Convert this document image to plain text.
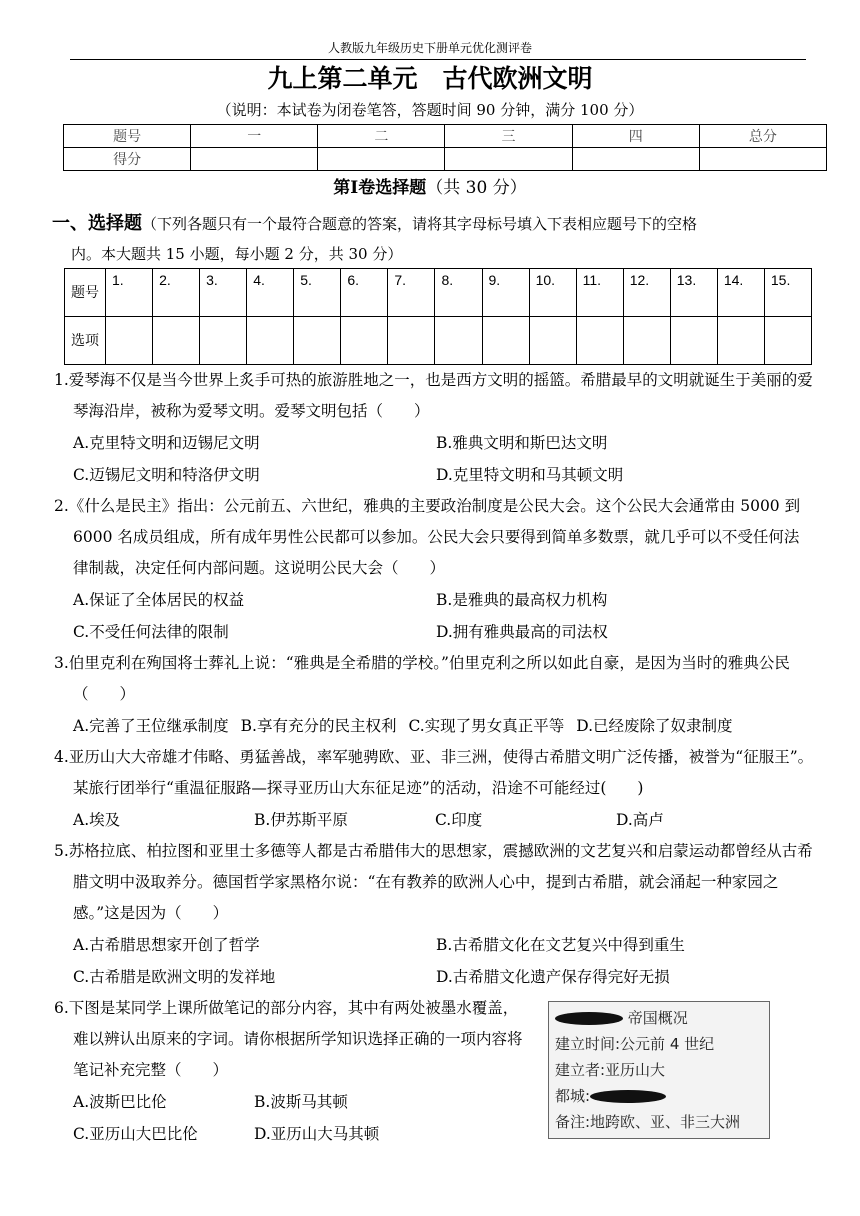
人教版九年级历史下册单元优化测评卷
九上第二单元　古代欧洲文明
（说明：本试卷为闭卷笔答，答题时间 90 分钟，满分 100 分）
题号	一	二	三	四	总分
得分					
第Ⅰ卷选择题（共 30 分）
一、选择题（下列各题只有一个最符合题意的答案，请将其字母标号填入下表相应题号下的空格
内。本大题共 15 小题，每小题 2 分，共 30 分）
题号	1.	2.	3.	4.	5.	6.	7.	8.	9.	10.	11.	12.	13.	14.	15.
选项															
1.爱琴海不仅是当今世界上炙手可热的旅游胜地之一，也是西方文明的摇篮。希腊最早的文明就诞生于美丽的爱琴海沿岸，被称为爱琴文明。爱琴文明包括（　　）
A.克里特文明和迈锡尼文明	B.雅典文明和斯巴达文明
C.迈锡尼文明和特洛伊文明	D.克里特文明和马其顿文明
2.《什么是民主》指出：公元前五、六世纪，雅典的主要政治制度是公民大会。这个公民大会通常由 5000 到 6000 名成员组成，所有成年男性公民都可以参加。公民大会只要得到简单多数票，就几乎可以不受任何法律制裁，决定任何内部问题。这说明公民大会（　　）
A.保证了全体居民的权益	B.是雅典的最高权力机构
C.不受任何法律的限制	D.拥有雅典最高的司法权
3.伯里克利在殉国将士葬礼上说：“雅典是全希腊的学校。”伯里克利之所以如此自豪，是因为当时的雅典公民（　　）
A.完善了王位继承制度 B.享有充分的民主权利 C.实现了男女真正平等 D.已经废除了奴隶制度
4.亚历山大大帝雄才伟略、勇猛善战，率军驰骋欧、亚、非三洲，使得古希腊文明广泛传播，被誉为“征服王”。某旅行团举行“重温征服路—探寻亚历山大东征足迹”的活动，沿途不可能经过(　　)
A.埃及	B.伊苏斯平原	C.印度	D.高卢
5.苏格拉底、柏拉图和亚里士多德等人都是古希腊伟大的思想家，震撼欧洲的文艺复兴和启蒙运动都曾经从古希腊文明中汲取养分。德国哲学家黑格尔说：“在有教养的欧洲人心中，提到古希腊，就会涌起一种家园之感。”这是因为（　　）
A.古希腊思想家开创了哲学	B.古希腊文化在文艺复兴中得到重生
C.古希腊是欧洲文明的发祥地	D.古希腊文化遗产保存得完好无损
6.下图是某同学上课所做笔记的部分内容，其中有两处被墨水覆盖，难以辨认出原来的字词。请你根据所学知识选择正确的一项内容将笔记补充完整（　　）
A.波斯巴比伦	B.波斯马其顿
C.亚历山大巴比伦	D.亚历山大马其顿
帝国概况
建立时间:公元前 4 世纪
建立者:亚历山大
都城:
备注:地跨欧、亚、非三大洲
